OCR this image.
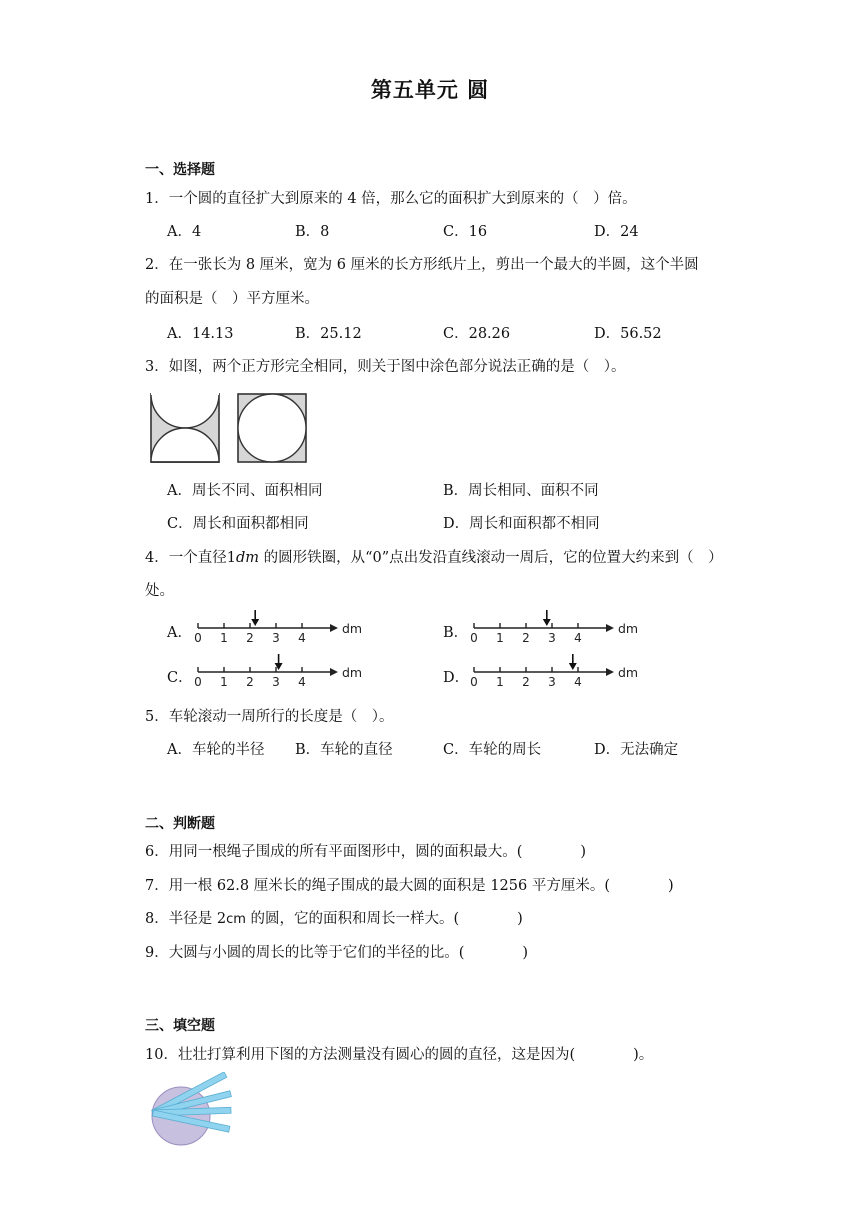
第五单元 圆
一、选择题
1．一个圆的直径扩大到原来的 4 倍，那么它的面积扩大到原来的（　）倍。
A．4	B．8	C．16	D．24
2．在一张长为 8 厘米，宽为 6 厘米的长方形纸片上，剪出一个最大的半圆，这个半圆
的面积是（　）平方厘米。
A．14.13	B．25.12	C．28.26	D．56.52
3．如图，两个正方形完全相同，则关于图中涂色部分说法正确的是（　）。
A．周长不同、面积相同	B．周长相同、面积不同
C．周长和面积都相同	D．周长和面积都不相同
4．一个直径1dm 的圆形铁圈，从“0”点出发沿直线滚动一周后，它的位置大约来到（　）
处。
A．	B．
C．	D．
0 1 2 3 4
dm
0 1 2 3 4
dm
0 1 2 3 4
dm
0 1 2 3 4
dm
5．车轮滚动一周所行的长度是（　）。
A．车轮的半径 B．车轮的直径	C．车轮的周长	D．无法确定
二、判断题
6．用同一根绳子围成的所有平面图形中，圆的面积最大。(　　　　)
7．用一根 62.8 厘米长的绳子围成的最大圆的面积是 1256 平方厘米。(　　　　)
8．半径是 2cm 的圆，它的面积和周长一样大。(　　　　)
9．大圆与小圆的周长的比等于它们的半径的比。(　　　　)
三、填空题
10．壮壮打算利用下图的方法测量没有圆心的圆的直径，这是因为(　　　　)。
